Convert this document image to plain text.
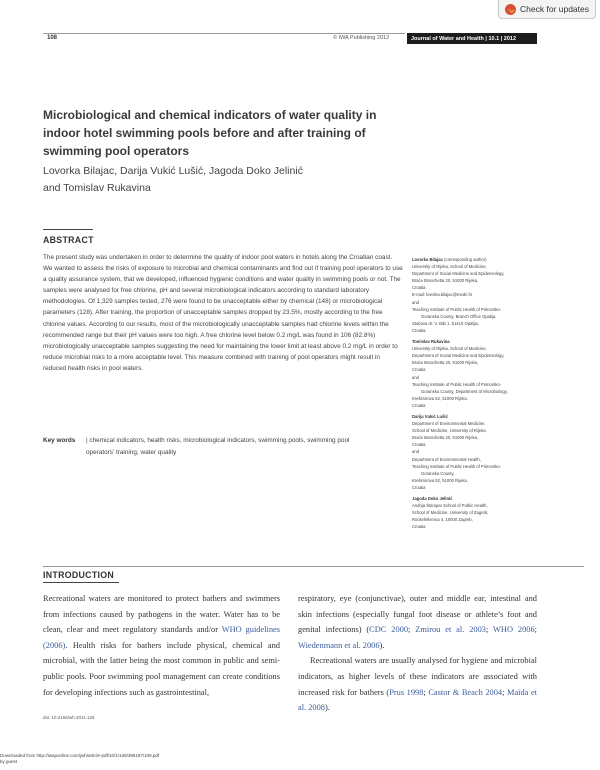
Check for updates
108	© IWA Publishing 2012	Journal of Water and Health | 10.1 | 2012
Microbiological and chemical indicators of water quality in indoor hotel swimming pools before and after training of swimming pool operators
Lovorka Bilajac, Darija Vukić Lušić, Jagoda Doko Jelinić
and Tomislav Rukavina
ABSTRACT

The present study was undertaken in order to determine the quality of indoor pool waters in hotels along the Croatian coast. We wanted to assess the risks of exposure to microbial and chemical contaminants and find out if training pool operators to use a quality assurance system, that we developed, influenced hygienic conditions and water quality in swimming pools or not. The samples were analysed for free chlorine, pH and several microbiological indicators according to standard laboratory methodologies. Of 1,329 samples tested, 276 were found to be unacceptable either by chemical (148) or microbiological parameters (128). After training, the proportion of unacceptable samples dropped by 23.5%, mostly according to the free chlorine values. According to our results, most of the microbiologically unacceptable samples had chlorine levels within the recommended range but their pH values were too high. A free chlorine level below 0.2 mg/L was found in 106 (82.8%) microbiologically unacceptable samples suggesting the need for maintaining the lower limit at least above 0.2 mg/L in order to reduce microbial risks to a more acceptable level. This measure combined with training of pool operators might result in reduced health risks in pool waters.

Key words | chemical indicators, health risks, microbiological indicators, swimming pools, swimming pool operators’ training, water quality
Lovorka Bilajac (corresponding author)
University of Rijeka, School of Medicine,
Department of Social Medicine and Epidemiology,
Braće Branchetta 20, 51000 Rijeka,
Croatia
E-mail: lovorka.bilajac@medri.hr
and
Teaching Institute of Public Health of Primorsko-
Goranska County, Branch Office Opatija,
Stubova dr. V. Biki 1, 51410 Opatija,
Croatia
Tomislav Rukavina
University of Rijeka, School of Medicine,
Department of Social Medicine and Epidemiology,
Braće Branchetta 20, 51000 Rijeka,
Croatia
and
Teaching Institute of Public Health of Primorsko-
Goranska County, Department of Microbiology,
Krešimirova 52, 51000 Rijeka,
Croatia
Darija Vukić Lušić
Department of Environmental Medicine,
School of Medicine, University of Rijeka,
Braće Branchetta 20, 51000 Rijeka,
Croatia
and
Department of Environmental Health,
Teaching Institute of Public Health of Primorsko-
Goranska County,
Krešimirova 52, 51000 Rijeka,
Croatia
Jagoda Doko Jelinić
Andrija Štampar School of Public Health,
School of Medicine, University of Zagreb,
Rockefellerova 4, 10000 Zagreb,
Croatia
INTRODUCTION

Recreational waters are monitored to protect bathers and swimmers from infections caused by pathogens in the water. Water has to be clean, clear and meet regulatory standards and/or WHO guidelines (2006). Health risks for bathers include physical, chemical and microbial, with the latter being the most common in public and semi-public pools. Poor swimming pool management can create conditions for developing infections such as gastrointestinal,

respiratory, eye (conjunctivae), outer and middle ear, intestinal and skin infections (especially fungal foot disease or athlete’s foot and genital infections) (CDC 2000; Zmirou et al. 2003; WHO 2006; Wiedenmann et al. 2006).

Recreational waters are usually analysed for hygiene and microbial indicators, as higher levels of these indicators are associated with increased risk for bathers (Prus 1998; Castor & Beach 2004; Maïda et al. 2008).

doi: 10.2166/wh.2011.125
Downloaded from http://iwaponline.com/jwh/article-pdf/10/1/108/395187/108.pdf
by guest
